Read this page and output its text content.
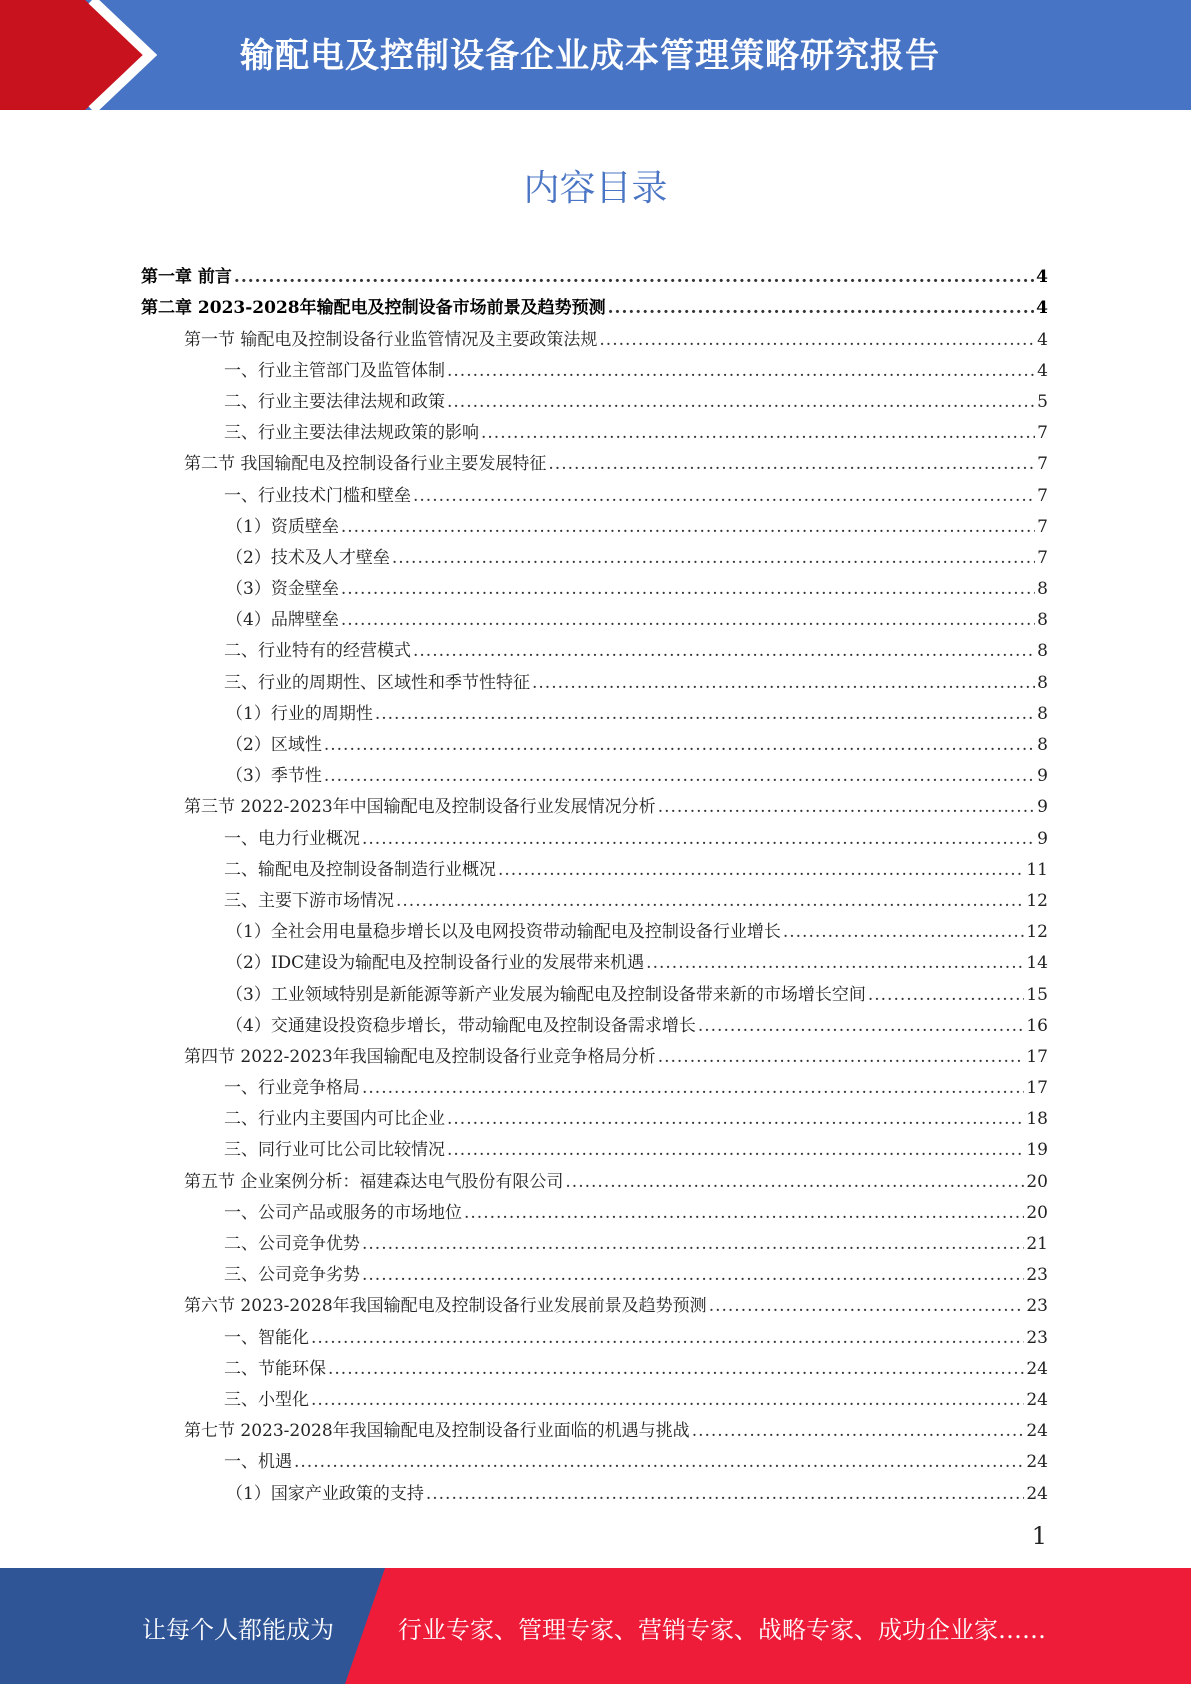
输配电及控制设备企业成本管理策略研究报告
内容目录
第一章 前言 .....	4
第二章 2023-2028年输配电及控制设备市场前景及趋势预测 .....	4
第一节 输配电及控制设备行业监管情况及主要政策法规 .....	4
一、行业主管部门及监管体制 .....	4
二、行业主要法律法规和政策 .....	5
三、行业主要法律法规政策的影响 .....	7
第二节 我国输配电及控制设备行业主要发展特征 .....	7
一、行业技术门槛和壁垒 .....	7
（1）资质壁垒 .....	7
（2）技术及人才壁垒 .....	7
（3）资金壁垒 .....	8
（4）品牌壁垒 .....	8
二、行业特有的经营模式 .....	8
三、行业的周期性、区域性和季节性特征 .....	8
（1）行业的周期性 .....	8
（2）区域性 .....	8
（3）季节性 .....	9
第三节 2022-2023年中国输配电及控制设备行业发展情况分析 .....	9
一、电力行业概况 .....	9
二、输配电及控制设备制造行业概况 .....	11
三、主要下游市场情况 .....	12
（1）全社会用电量稳步增长以及电网投资带动输配电及控制设备行业增长 .....	12
（2）IDC建设为输配电及控制设备行业的发展带来机遇 .....	14
（3）工业领域特别是新能源等新产业发展为输配电及控制设备带来新的市场增长空间 .....	15
（4）交通建设投资稳步增长，带动输配电及控制设备需求增长 .....	16
第四节 2022-2023年我国输配电及控制设备行业竞争格局分析 .....	17
一、行业竞争格局 .....	17
二、行业内主要国内可比企业 .....	18
三、同行业可比公司比较情况 .....	19
第五节 企业案例分析：福建森达电气股份有限公司 .....	20
一、公司产品或服务的市场地位 .....	20
二、公司竞争优势 .....	21
三、公司竞争劣势 .....	23
第六节 2023-2028年我国输配电及控制设备行业发展前景及趋势预测 .....	23
一、智能化 .....	23
二、节能环保 .....	24
三、小型化 .....	24
第七节 2023-2028年我国输配电及控制设备行业面临的机遇与挑战 .....	24
一、机遇 .....	24
（1）国家产业政策的支持 .....	24
1
让每个人都能成为	行业专家、管理专家、营销专家、战略专家、成功企业家……
